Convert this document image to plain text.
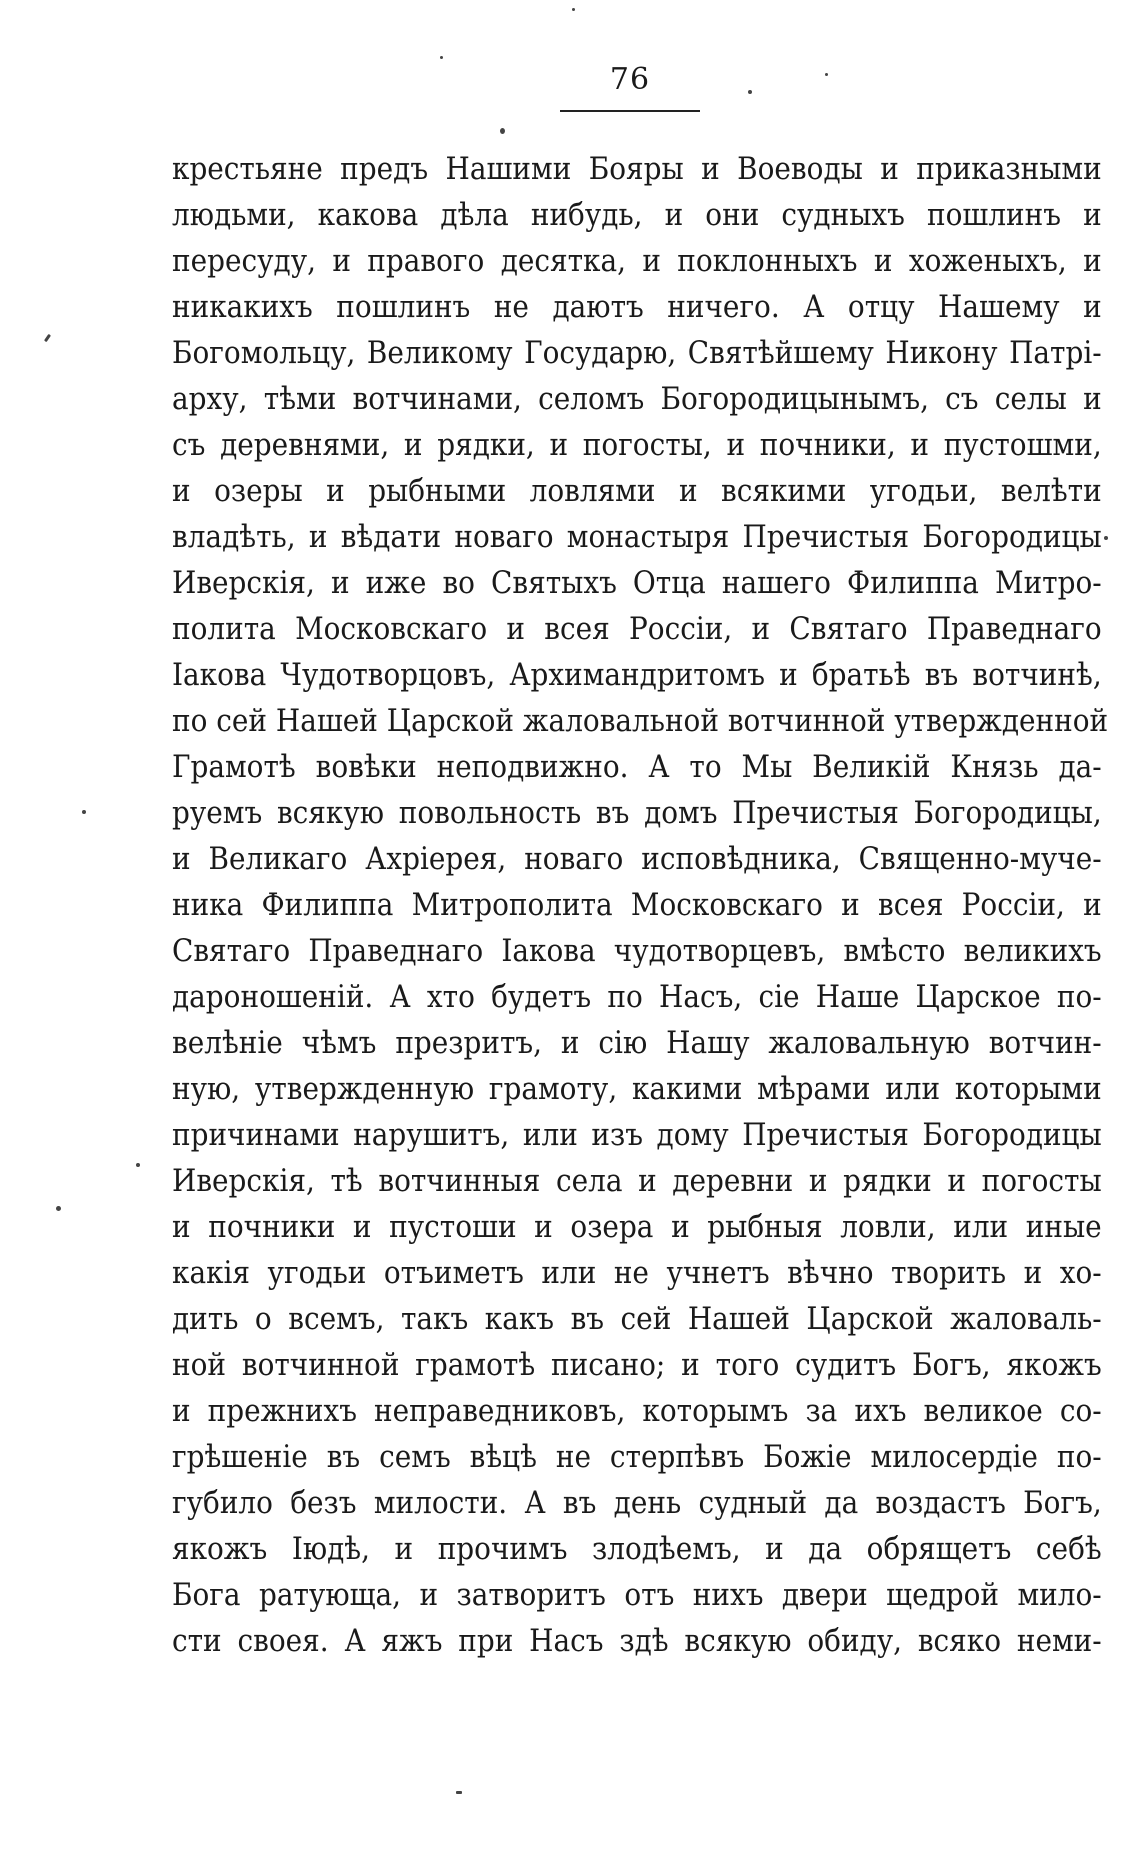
76
крестьяне предъ Нашими Бояры и Воеводы и приказными
людьми, какова дѣла нибудь, и они судныхъ пошлинъ и
пересуду, и правого десятка, и поклонныхъ и хоженыхъ, и
никакихъ пошлинъ не даютъ ничего. А отцу Нашему и
Богомольцу, Великому Государю, Святѣйшему Никону Патрі-
арху, тѣми вотчинами, селомъ Богородицынымъ, съ селы и
съ деревнями, и рядки, и погосты, и почники, и пустошми,
и озеры и рыбными ловлями и всякими угодьи, велѣти
владѣть, и вѣдати новаго монастыря Пречистыя Богородицы
Иверскія, и иже во Святыхъ Отца нашего Филиппа Митро-
полита Московскаго и всея Россіи, и Святаго Праведнаго
Іакова Чудотворцовъ, Архимандритомъ и братьѣ въ вотчинѣ,
по сей Нашей Царской жаловальной вотчинной утвержденной
Грамотѣ вовѣки неподвижно. А то Мы Великій Князь да-
руемъ всякую повольность въ домъ Пречистыя Богородицы,
и Великаго Ахріерея, новаго исповѣдника, Священно-муче-
ника Филиппа Митрополита Московскаго и всея Россіи, и
Святаго Праведнаго Іакова чудотворцевъ, вмѣсто великихъ
дароношеній. А хто будетъ по Насъ, сіе Наше Царское по-
велѣніе чѣмъ презритъ, и сію Нашу жаловальную вотчин-
ную, утвержденную грамоту, какими мѣрами или которыми
причинами нарушитъ, или изъ дому Пречистыя Богородицы
Иверскія, тѣ вотчинныя села и деревни и рядки и погосты
и почники и пустоши и озера и рыбныя ловли, или иные
какія угодьи отъиметъ или не учнетъ вѣчно творить и хо-
дить о всемъ, такъ какъ въ сей Нашей Царской жаловаль-
ной вотчинной грамотѣ писано; и того судитъ Богъ, якожъ
и прежнихъ неправедниковъ, которымъ за ихъ великое со-
грѣшеніе въ семъ вѣцѣ не стерпѣвъ Божіе милосердіе по-
губило безъ милости. А въ день судный да воздастъ Богъ,
якожъ Іюдѣ, и прочимъ злодѣемъ, и да обрящетъ себѣ
Бога ратующа, и затворитъ отъ нихъ двери щедрой мило-
сти своея. А яжъ при Насъ здѣ всякую обиду, всяко неми-
